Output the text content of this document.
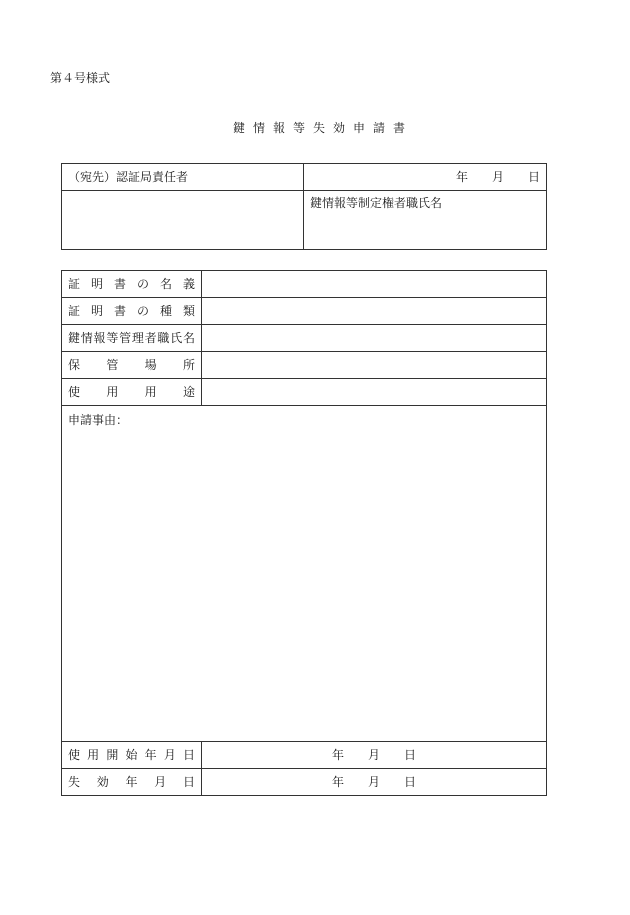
第４号様式
鍵情報等失効申請書
（宛先）認証局責任者	年　　月　　日
	鍵情報等制定権者職氏名
証明書の名義	
証明書の種類	
鍵情報等管理者職氏名	
保管場所	
使用用途	
申請事由：	
使用開始年月日	年　　月　　日
失効年月日	年　　月　　日
